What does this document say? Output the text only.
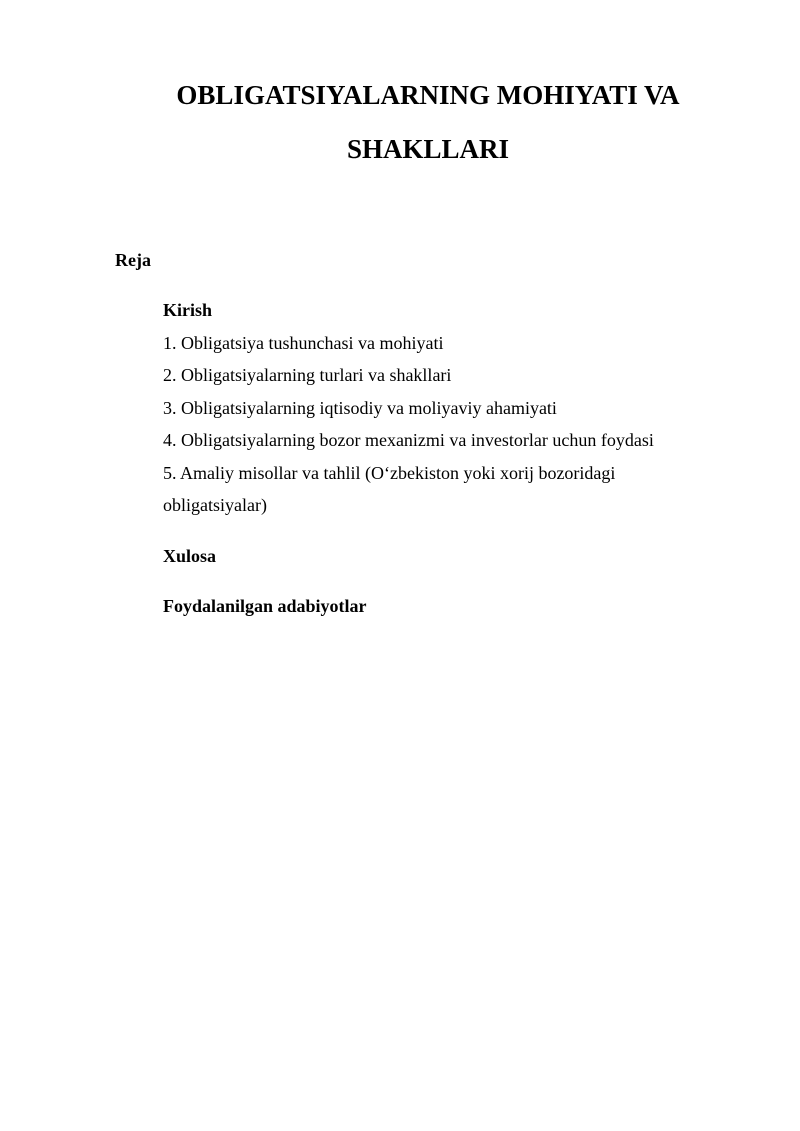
OBLIGATSIYALARNING MOHIYATI VA
SHAKLLARI

Reja

Kirish
1. Obligatsiya tushunchasi va mohiyati
2. Obligatsiyalarning turlari va shakllari
3. Obligatsiyalarning iqtisodiy va moliyaviy ahamiyati
4. Obligatsiyalarning bozor mexanizmi va investorlar uchun foydasi
5. Amaliy misollar va tahlil (O‘zbekiston yoki xorij bozoridagi obligatsiyalar)
Xulosa
Foydalanilgan adabiyotlar
